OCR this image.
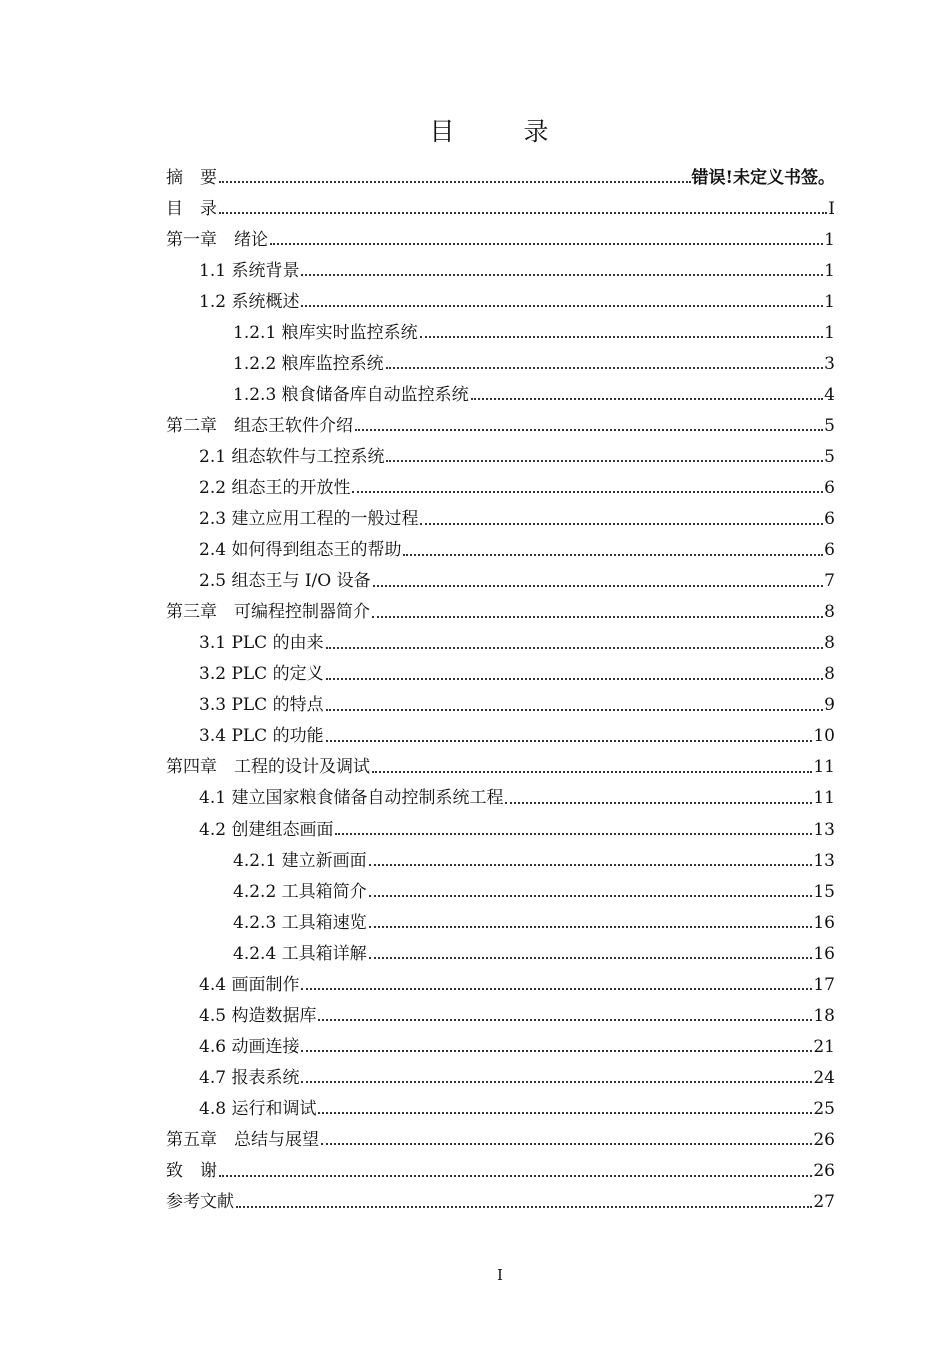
目　录
摘　要	错误!未定义书签。
目　录	I
第一章　绪论	1
1.1 系统背景	1
1.2 系统概述	1
1.2.1 粮库实时监控系统	1
1.2.2 粮库监控系统	3
1.2.3 粮食储备库自动监控系统	4
第二章　组态王软件介绍	5
2.1 组态软件与工控系统	5
2.2 组态王的开放性	6
2.3 建立应用工程的一般过程	6
2.4 如何得到组态王的帮助	6
2.5 组态王与 I/O 设备	7
第三章　可编程控制器简介	8
3.1 PLC 的由来	8
3.2 PLC 的定义	8
3.3 PLC 的特点	9
3.4 PLC 的功能	10
第四章　工程的设计及调试	11
4.1 建立国家粮食储备自动控制系统工程	11
4.2 创建组态画面	13
4.2.1 建立新画面	13
4.2.2 工具箱简介	15
4.2.3 工具箱速览	16
4.2.4 工具箱详解	16
4.4 画面制作	17
4.5 构造数据库	18
4.6 动画连接	21
4.7 报表系统	24
4.8 运行和调试	25
第五章　总结与展望	26
致　谢	26
参考文献	27
I
